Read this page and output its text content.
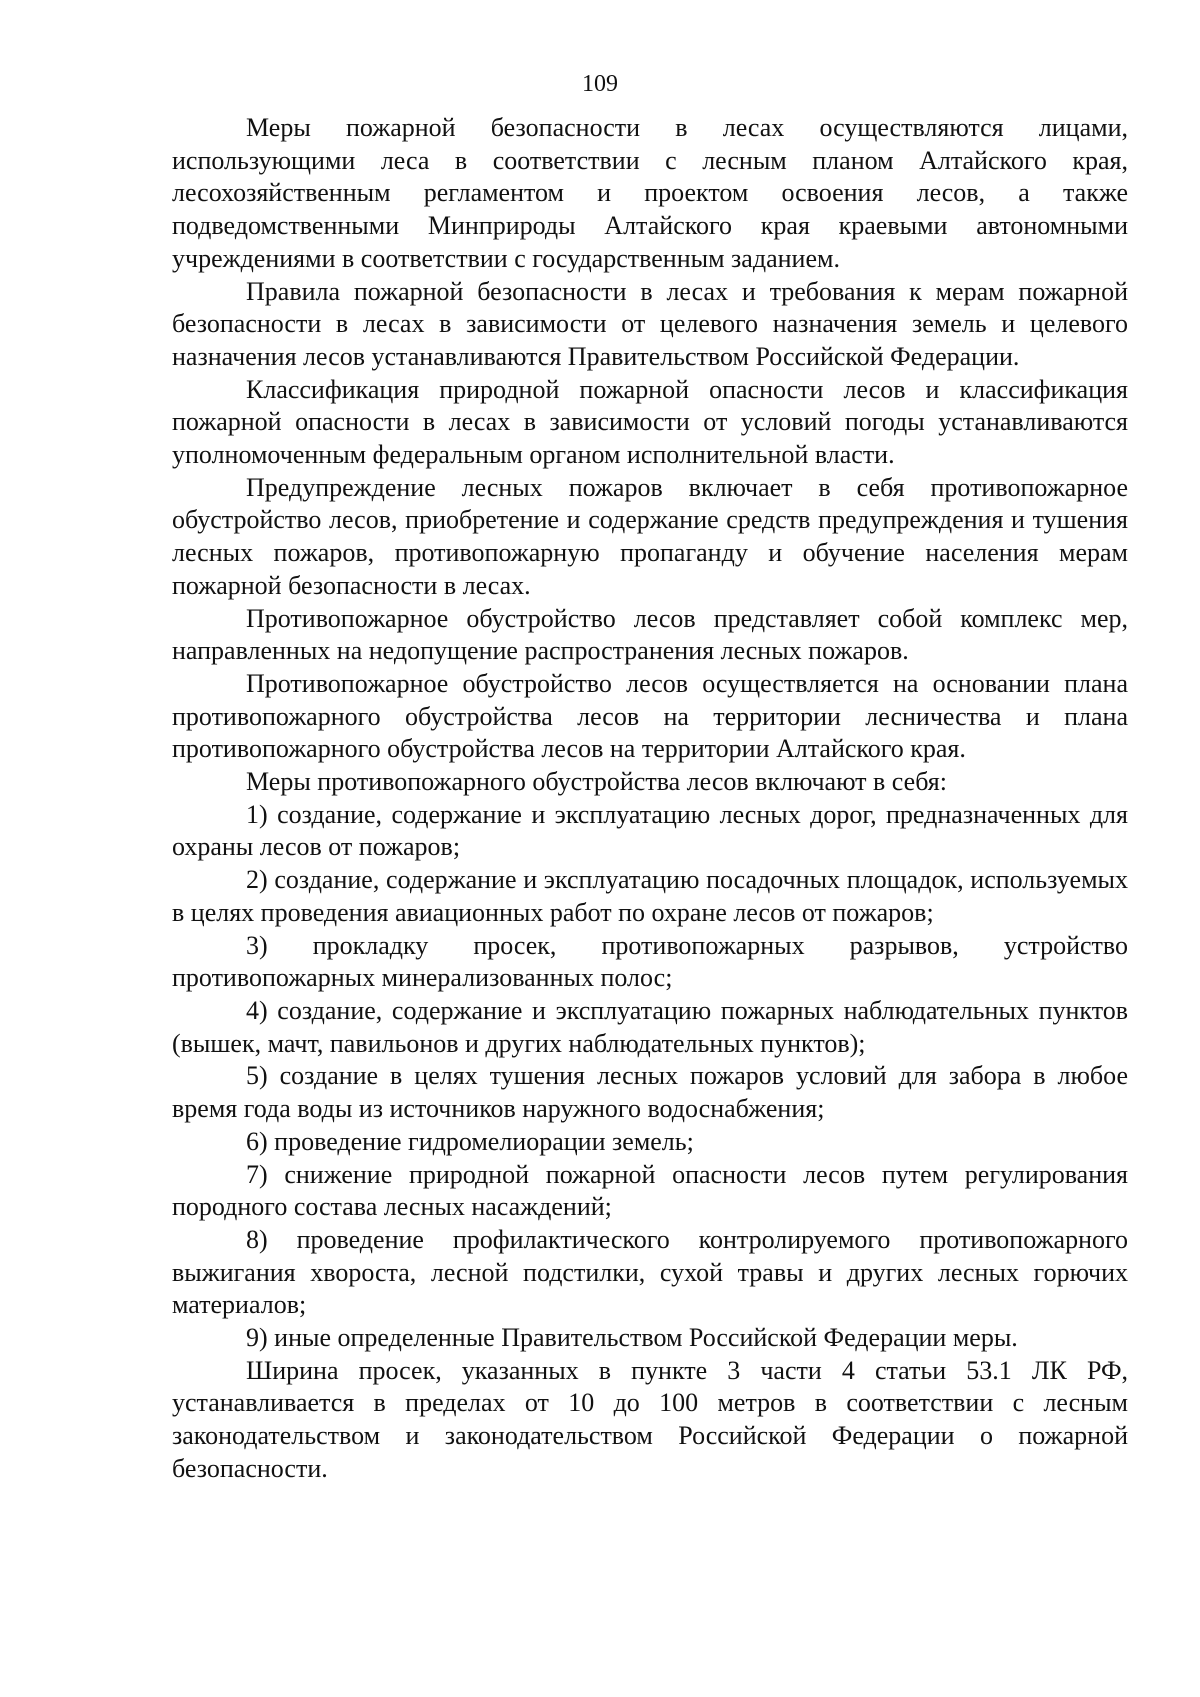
109

Меры пожарной безопасности в лесах осуществляются лицами, использующими леса в соответствии с лесным планом Алтайского края, лесохозяйственным регламентом и проектом освоения лесов, а также подведомственными Минприроды Алтайского края краевыми автономными учреждениями в соответствии с государственным заданием.

Правила пожарной безопасности в лесах и требования к мерам пожарной безопасности в лесах в зависимости от целевого назначения земель и целевого назначения лесов устанавливаются Правительством Российской Федерации.

Классификация природной пожарной опасности лесов и классификация пожарной опасности в лесах в зависимости от условий погоды устанавливаются уполномоченным федеральным органом исполнительной власти.

Предупреждение лесных пожаров включает в себя противопожарное обустройство лесов, приобретение и содержание средств предупреждения и тушения лесных пожаров, противопожарную пропаганду и обучение населения мерам пожарной безопасности в лесах.

Противопожарное обустройство лесов представляет собой комплекс мер, направленных на недопущение распространения лесных пожаров.

Противопожарное обустройство лесов осуществляется на основании плана противопожарного обустройства лесов на территории лесничества и плана противопожарного обустройства лесов на территории Алтайского края.

Меры противопожарного обустройства лесов включают в себя:

1) создание, содержание и эксплуатацию лесных дорог, предназначенных для охраны лесов от пожаров;

2) создание, содержание и эксплуатацию посадочных площадок, используемых в целях проведения авиационных работ по охране лесов от пожаров;

3) прокладку просек, противопожарных разрывов, устройство противопожарных минерализованных полос;

4) создание, содержание и эксплуатацию пожарных наблюдательных пунктов (вышек, мачт, павильонов и других наблюдательных пунктов);

5) создание в целях тушения лесных пожаров условий для забора в любое время года воды из источников наружного водоснабжения;

6) проведение гидромелиорации земель;

7) снижение природной пожарной опасности лесов путем регулирования породного состава лесных насаждений;

8) проведение профилактического контролируемого противопожарного выжигания хвороста, лесной подстилки, сухой травы и других лесных горючих материалов;

9) иные определенные Правительством Российской Федерации меры.

Ширина просек, указанных в пункте 3 части 4 статьи 53.1 ЛК РФ, устанавливается в пределах от 10 до 100 метров в соответствии с лесным законодательством и законодательством Российской Федерации о пожарной безопасности.
